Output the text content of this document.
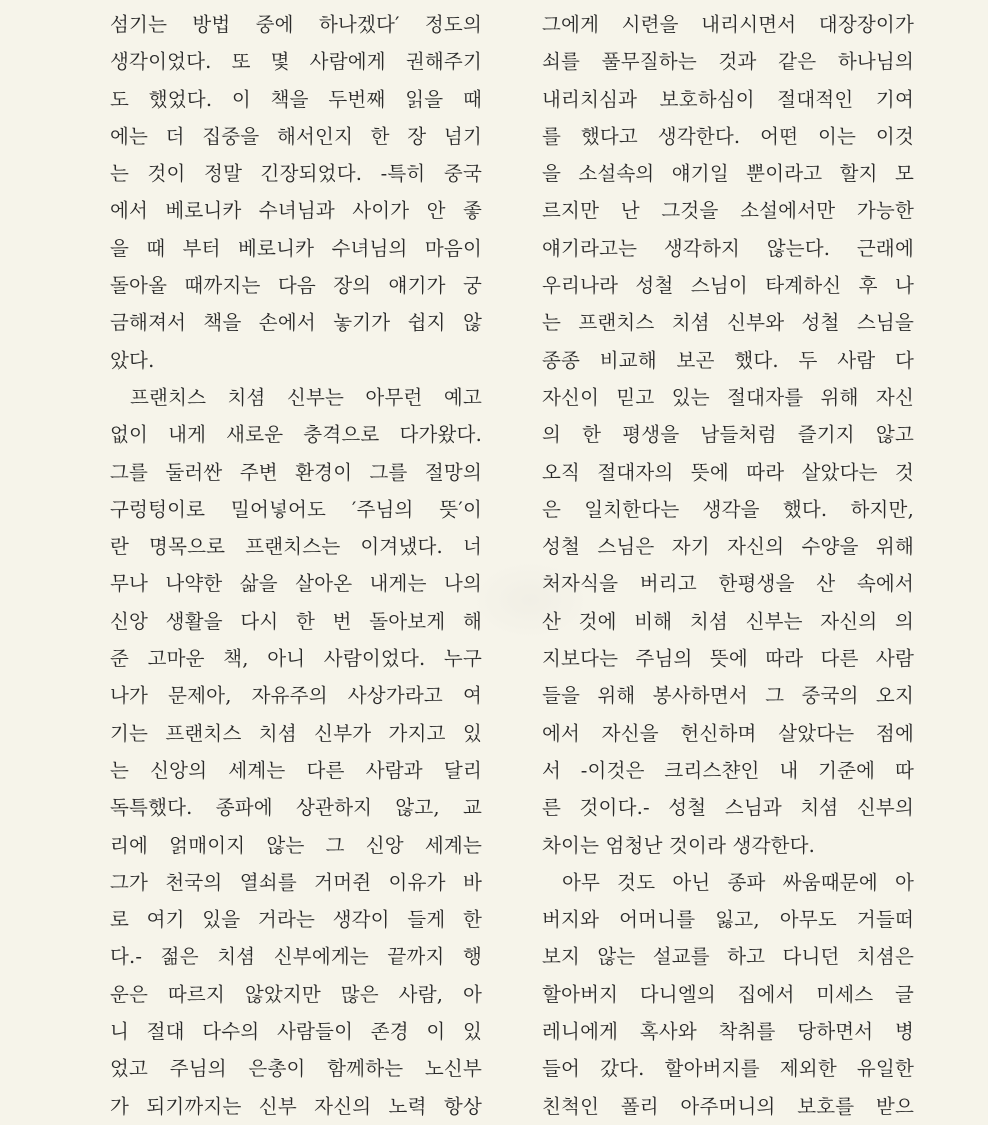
섬기는 방법 중에 하나겠다′ 정도의
생각이었다. 또 몇 사람에게 권해주기
도 했었다. 이 책을 두번째 읽을 때
에는 더 집중을 해서인지 한 장 넘기
는 것이 정말 긴장되었다. -특히 중국
에서 베로니카 수녀님과 사이가 안 좋
을 때 부터 베로니카 수녀님의 마음이
돌아올 때까지는 다음 장의 얘기가 궁
금해져서 책을 손에서 놓기가 쉽지 않
았다.
프랜치스 치셤 신부는 아무런 예고
없이 내게 새로운 충격으로 다가왔다.
그를 둘러싼 주변 환경이 그를 절망의
구렁텅이로 밀어넣어도 ′주님의 뜻′이
란 명목으로 프랜치스는 이겨냈다. 너
무나 나약한 삶을 살아온 내게는 나의
신앙 생활을 다시 한 번 돌아보게 해
준 고마운 책, 아니 사람이었다. 누구
나가 문제아, 자유주의 사상가라고 여
기는 프랜치스 치셤 신부가 가지고 있
는 신앙의 세계는 다른 사람과 달리
독특했다. 종파에 상관하지 않고, 교
리에 얽매이지 않는 그 신앙 세계는
그가 천국의 열쇠를 거머쥔 이유가 바
로 여기 있을 거라는 생각이 들게 한
다.- 젊은 치셤 신부에게는 끝까지 행
운은 따르지 않았지만 많은 사람, 아
니 절대 다수의 사람들이 존경 이 있
었고 주님의 은총이 함께하는 노신부
가 되기까지는 신부 자신의 노력 항상
그에게 시련을 내리시면서 대장장이가
쇠를 풀무질하는 것과 같은 하나님의
내리치심과 보호하심이 절대적인 기여
를 했다고 생각한다. 어떤 이는 이것
을 소설속의 얘기일 뿐이라고 할지 모
르지만 난 그것을 소설에서만 가능한
얘기라고는 생각하지 않는다. 근래에
우리나라 성철 스님이 타계하신 후 나
는 프랜치스 치셤 신부와 성철 스님을
종종 비교해 보곤 했다. 두 사람 다
자신이 믿고 있는 절대자를 위해 자신
의 한 평생을 남들처럼 즐기지 않고
오직 절대자의 뜻에 따라 살았다는 것
은 일치한다는 생각을 했다. 하지만,
성철 스님은 자기 자신의 수양을 위해
처자식을 버리고 한평생을 산 속에서
산 것에 비해 치셤 신부는 자신의 의
지보다는 주님의 뜻에 따라 다른 사람
들을 위해 봉사하면서 그 중국의 오지
에서 자신을 헌신하며 살았다는 점에
서 -이것은 크리스챤인 내 기준에 따
른 것이다.- 성철 스님과 치셤 신부의
차이는 엄청난 것이라 생각한다.
아무 것도 아닌 종파 싸움때문에 아
버지와 어머니를 잃고, 아무도 거들떠
보지 않는 설교를 하고 다니던 치셤은
할아버지 다니엘의 집에서 미세스 글
레니에게 혹사와 착취를 당하면서 병
들어 갔다. 할아버지를 제외한 유일한
친척인 폴리 아주머니의 보호를 받으
